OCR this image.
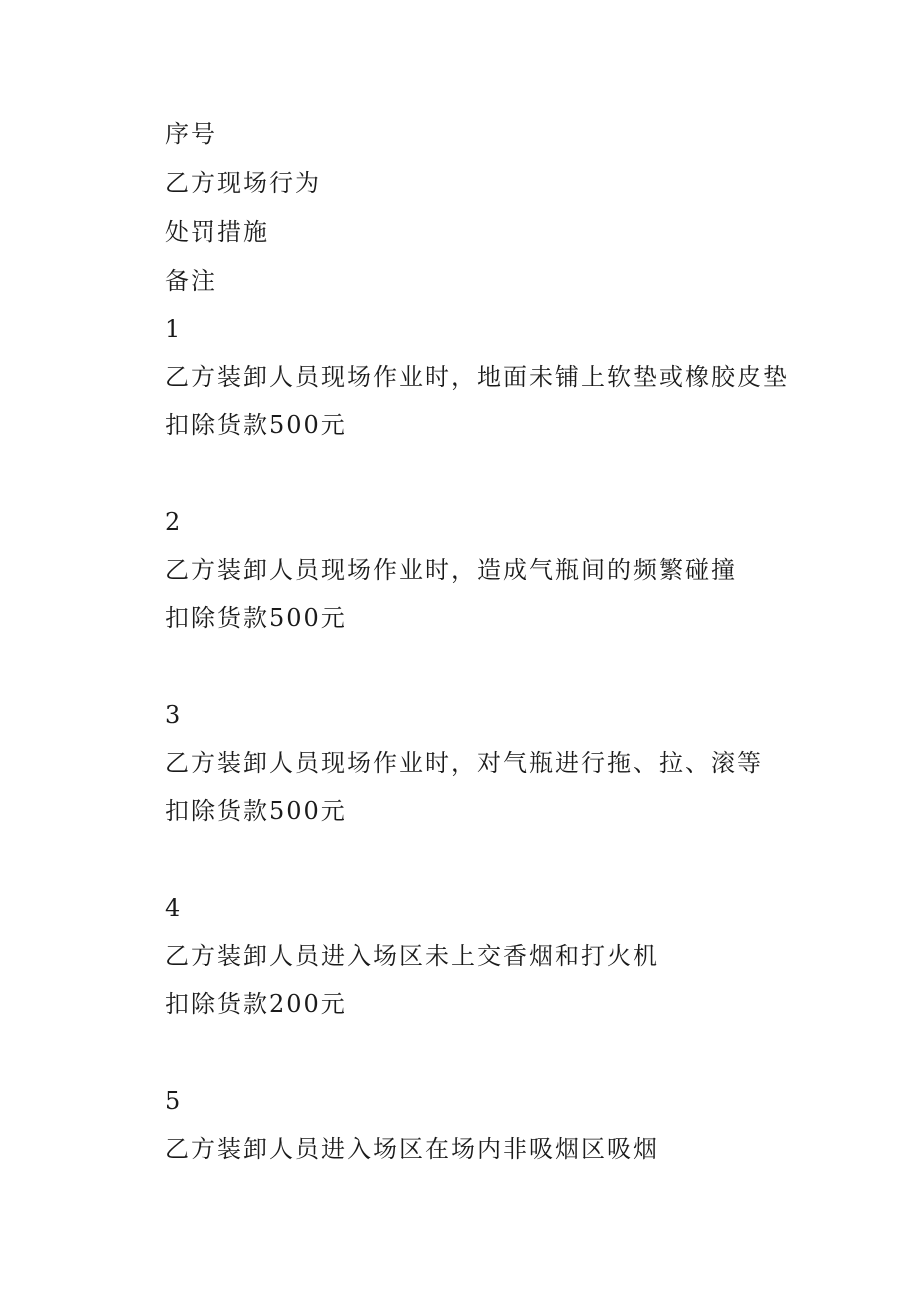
序号
乙方现场行为
处罚措施
备注
1
乙方装卸人员现场作业时，地面未铺上软垫或橡胶皮垫
扣除货款500元
2
乙方装卸人员现场作业时，造成气瓶间的频繁碰撞
扣除货款500元
3
乙方装卸人员现场作业时，对气瓶进行拖、拉、滚等
扣除货款500元
4
乙方装卸人员进入场区未上交香烟和打火机
扣除货款200元
5
乙方装卸人员进入场区在场内非吸烟区吸烟
